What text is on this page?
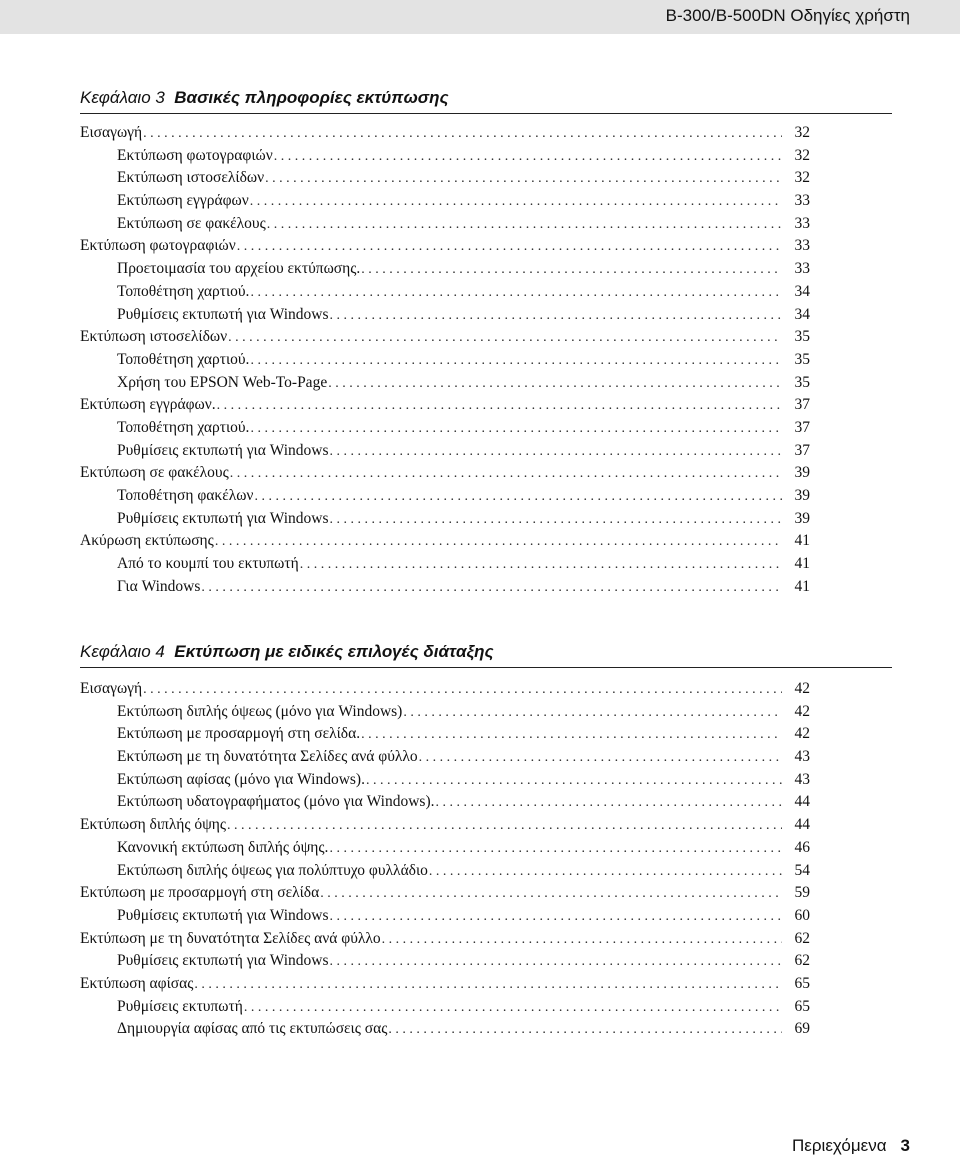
B-300/B-500DN Οδηγίες χρήστη
Κεφάλαιο 3 Βασικές πληροφορίες εκτύπωσης
Εισαγωγή . . .	32
Εκτύπωση φωτογραφιών . . .	32
Εκτύπωση ιστοσελίδων . . .	32
Εκτύπωση εγγράφων . . .	33
Εκτύπωση σε φακέλους . . .	33
Εκτύπωση φωτογραφιών . . .	33
Προετοιμασία του αρχείου εκτύπωσης. . . .	33
Τοποθέτηση χαρτιού. . . .	34
Ρυθμίσεις εκτυπωτή για Windows . . .	34
Εκτύπωση ιστοσελίδων . . .	35
Τοποθέτηση χαρτιού. . . .	35
Χρήση του EPSON Web-To-Page . . .	35
Εκτύπωση εγγράφων. . . .	37
Τοποθέτηση χαρτιού. . . .	37
Ρυθμίσεις εκτυπωτή για Windows . . .	37
Εκτύπωση σε φακέλους . . .	39
Τοποθέτηση φακέλων . . .	39
Ρυθμίσεις εκτυπωτή για Windows . . .	39
Ακύρωση εκτύπωσης . . .	41
Από το κουμπί του εκτυπωτή . . .	41
Για Windows . . .	41
Κεφάλαιο 4 Εκτύπωση με ειδικές επιλογές διάταξης
Εισαγωγή . . .	42
Εκτύπωση διπλής όψεως (μόνο για Windows) . . .	42
Εκτύπωση με προσαρμογή στη σελίδα. . . .	42
Εκτύπωση με τη δυνατότητα Σελίδες ανά φύλλο . . .	43
Εκτύπωση αφίσας (μόνο για Windows). . . .	43
Εκτύπωση υδατογραφήματος (μόνο για Windows). . . .	44
Εκτύπωση διπλής όψης . . .	44
Κανονική εκτύπωση διπλής όψης. . . .	46
Εκτύπωση διπλής όψεως για πολύπτυχο φυλλάδιο . . .	54
Εκτύπωση με προσαρμογή στη σελίδα . . .	59
Ρυθμίσεις εκτυπωτή για Windows . . .	60
Εκτύπωση με τη δυνατότητα Σελίδες ανά φύλλο . . .	62
Ρυθμίσεις εκτυπωτή για Windows . . .	62
Εκτύπωση αφίσας . . .	65
Ρυθμίσεις εκτυπωτή . . .	65
Δημιουργία αφίσας από τις εκτυπώσεις σας . . .	69
Περιεχόμενα 3
